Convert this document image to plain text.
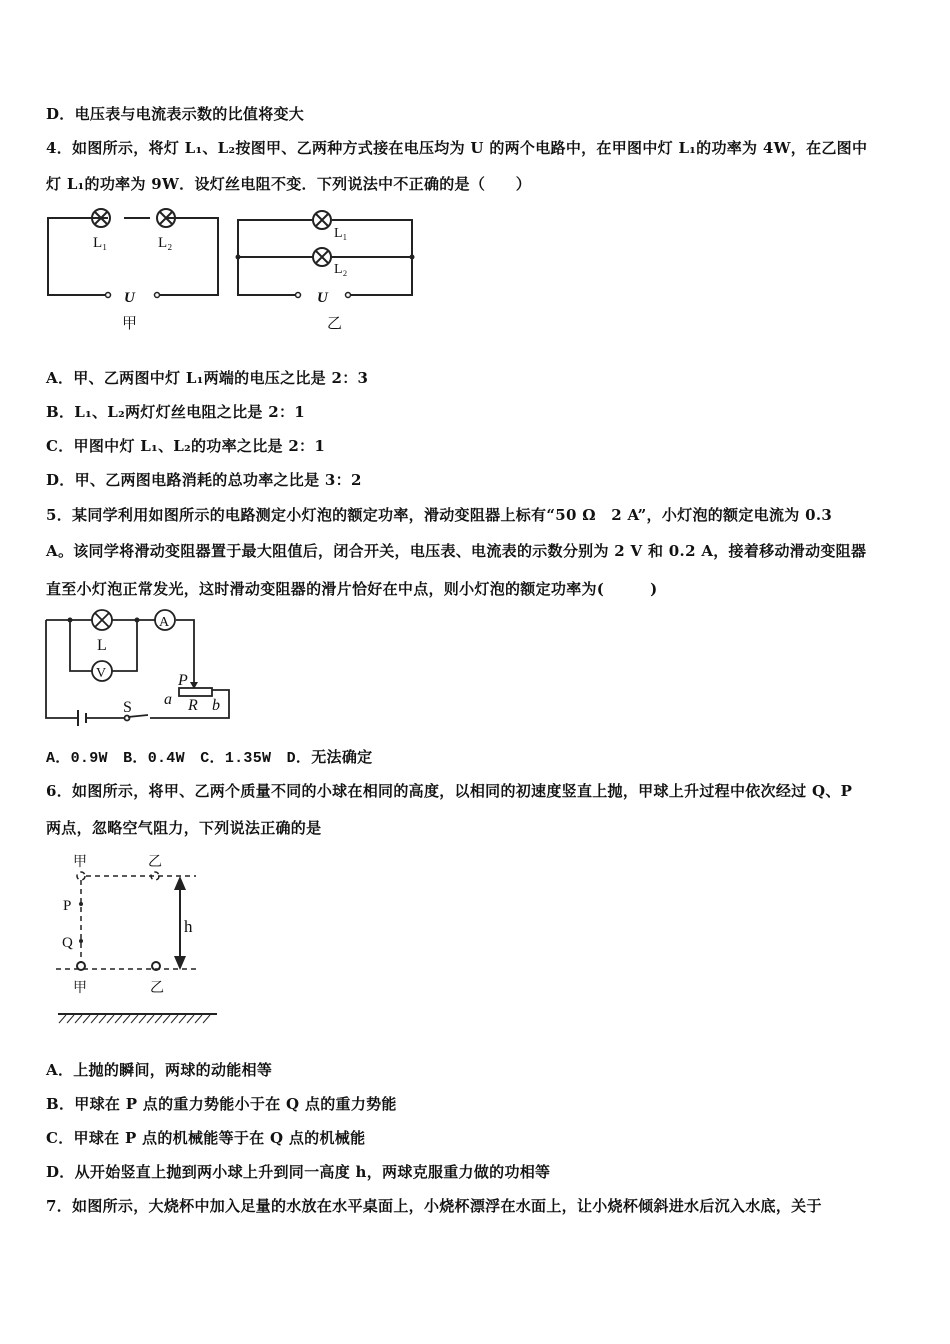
D．电压表与电流表示数的比值将变大
4．如图所示，将灯 L₁、L₂按图甲、乙两种方式接在电压均为 U 的两个电路中，在甲图中灯 L₁的功率为 4W，在乙图中
灯 L₁的功率为 9W．设灯丝电阻不变．下列说法中不正确的是（　　）
L₁	L₂
U
甲
L₁
L₂
U
乙
A．甲、乙两图中灯 L₁两端的电压之比是 2：3
B．L₁、L₂两灯灯丝电阻之比是 2：1
C．甲图中灯 L₁、L₂的功率之比是 2：1
D．甲、乙两图电路消耗的总功率之比是 3：2
5．某同学利用如图所示的电路测定小灯泡的额定功率，滑动变阻器上标有“50 Ω　2 A”，小灯泡的额定电流为 0.3
A。该同学将滑动变阻器置于最大阻值后，闭合开关，电压表、电流表的示数分别为 2 V 和 0.2 A，接着移动滑动变阻器
直至小灯泡正常发光，这时滑动变阻器的滑片恰好在中点，则小灯泡的额定功率为(　　　)
L
A
V	P
a R b
S
A．0.9W　B．0.4W　C．1.35W　D．无法确定
6．如图所示，将甲、乙两个质量不同的小球在相同的高度，以相同的初速度竖直上抛，甲球上升过程中依次经过 Q、P
两点，忽略空气阻力，下列说法正确的是
甲	乙
P
Q
h
甲	乙
A．上抛的瞬间，两球的动能相等
B．甲球在 P 点的重力势能小于在 Q 点的重力势能
C．甲球在 P 点的机械能等于在 Q 点的机械能
D．从开始竖直上抛到两小球上升到同一高度 h，两球克服重力做的功相等
7．如图所示，大烧杯中加入足量的水放在水平桌面上，小烧杯漂浮在水面上，让小烧杯倾斜进水后沉入水底，关于
